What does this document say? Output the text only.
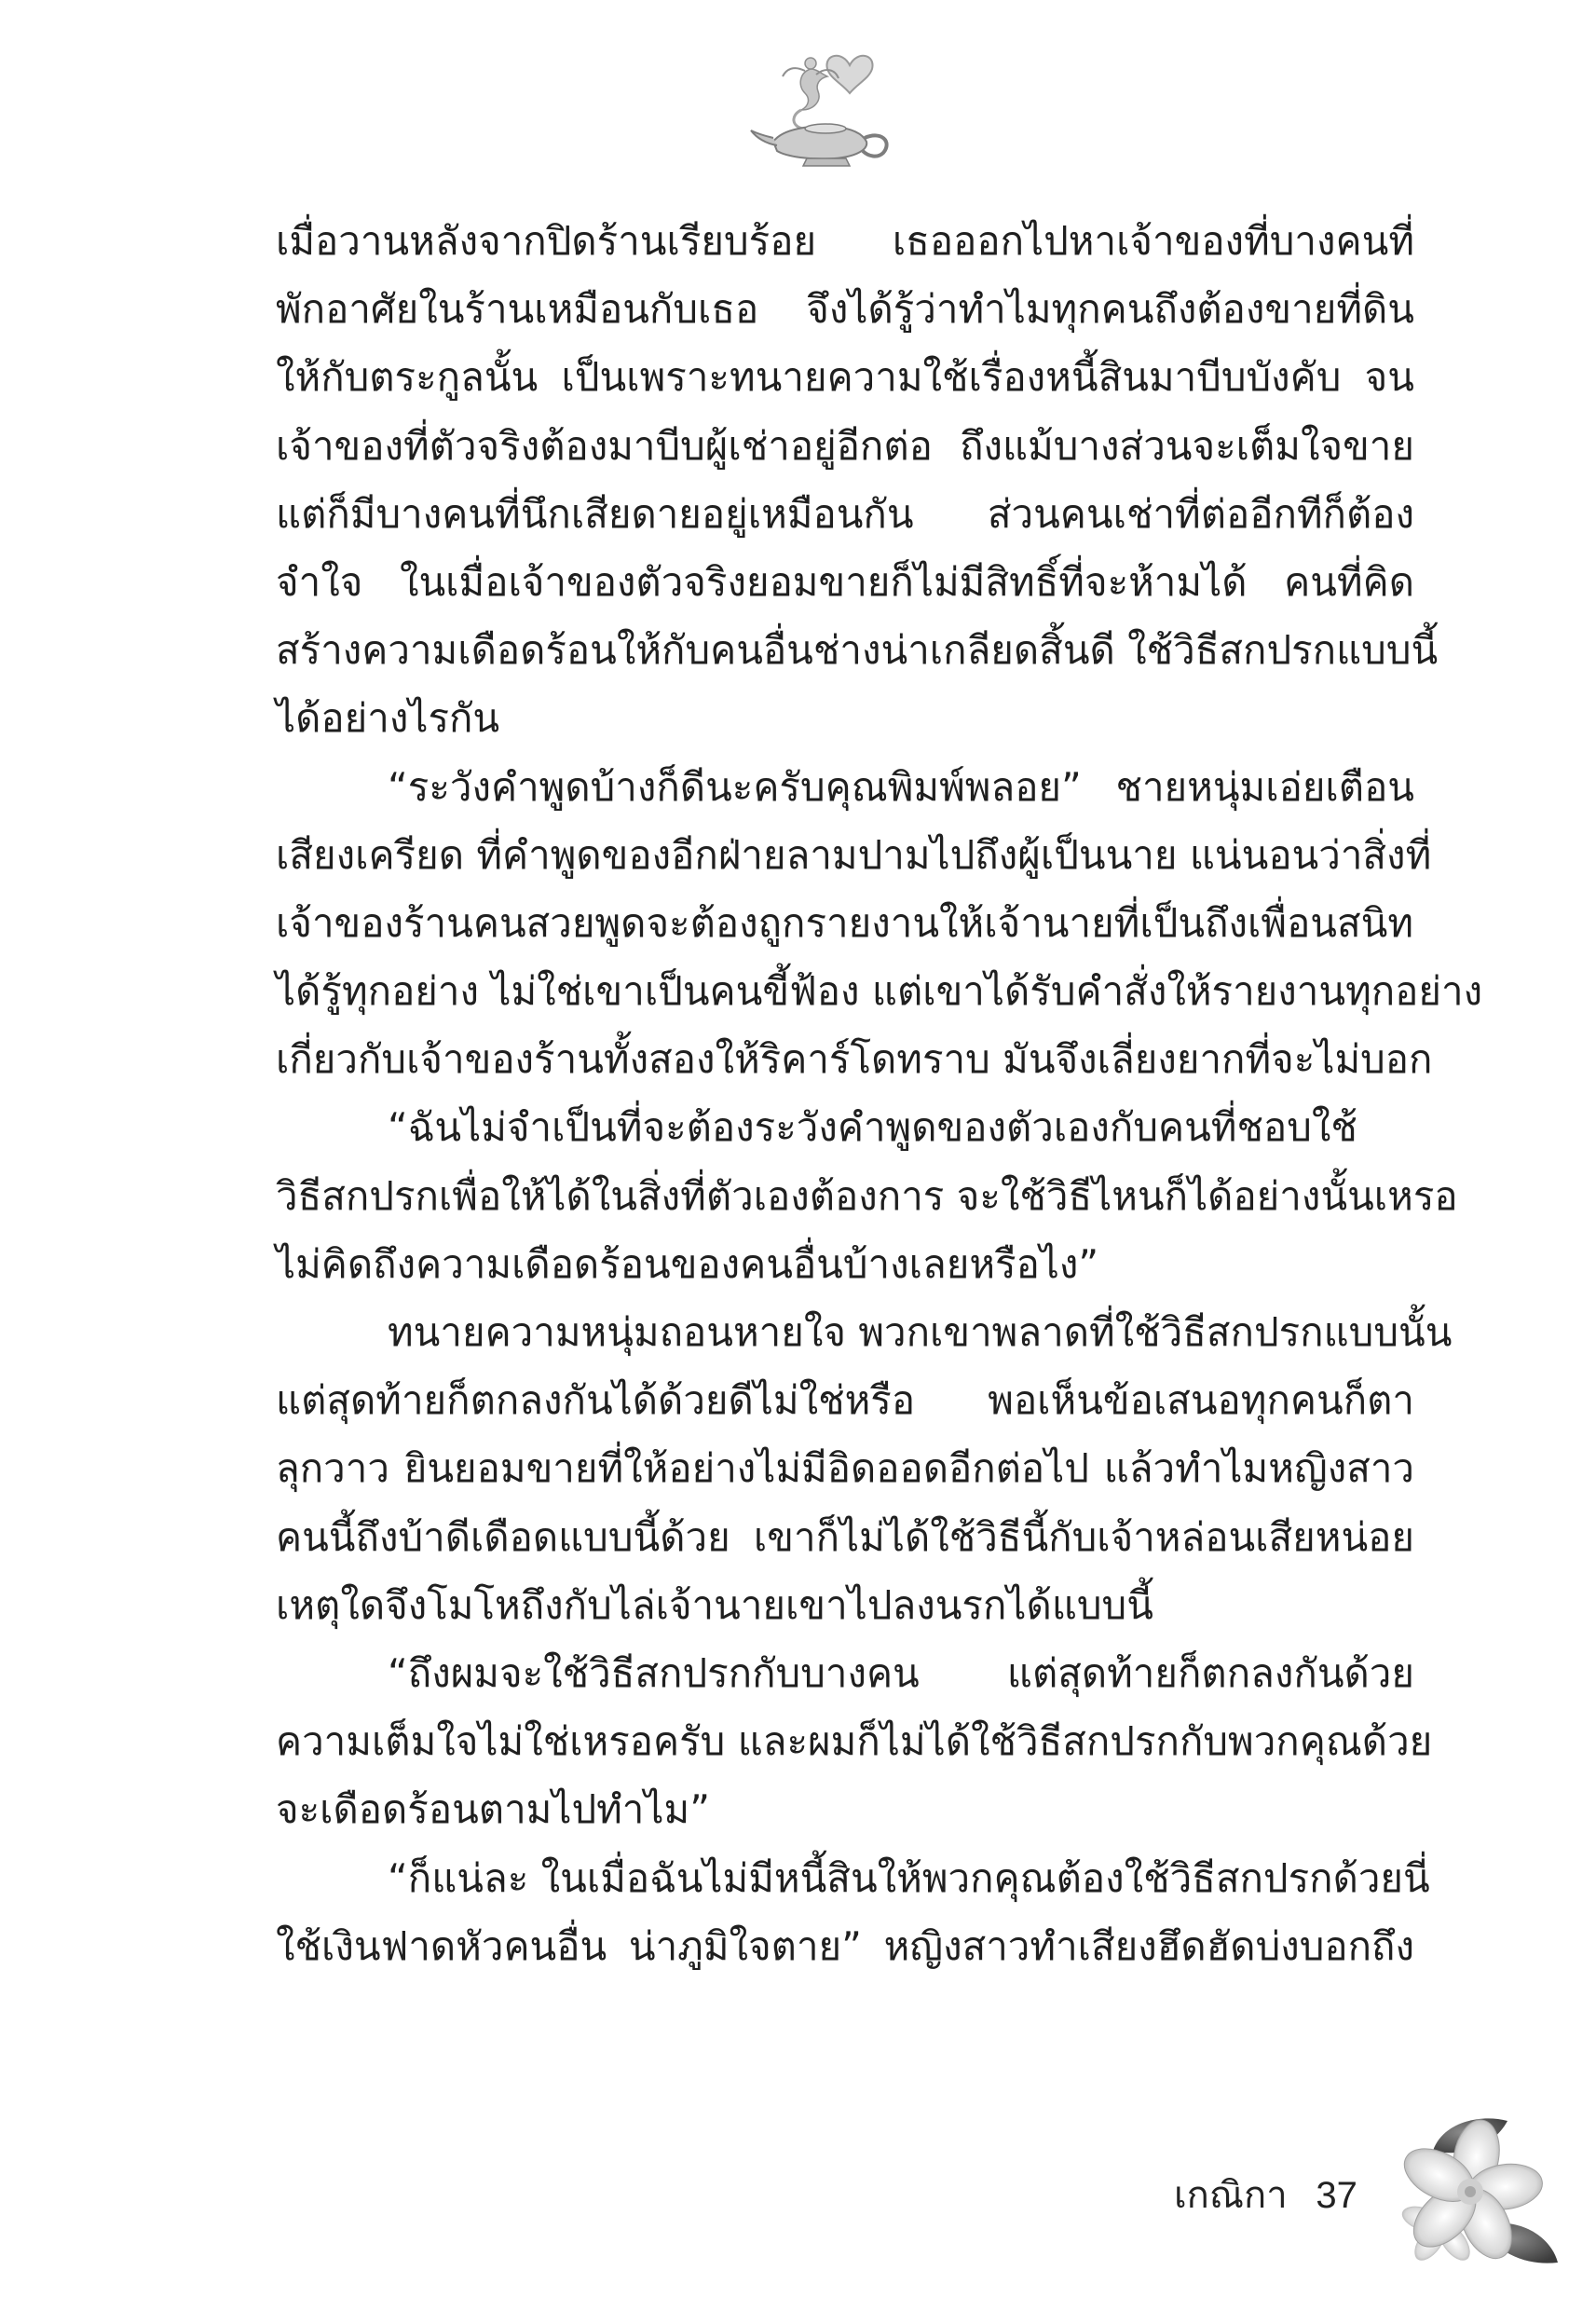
เมื่อวานหลังจากปิดร้านเรียบร้อย เธอออกไปหาเจ้าของที่บางคนที่
พักอาศัยในร้านเหมือนกับเธอ จึงได้รู้ว่าทำไมทุกคนถึงต้องขายที่ดิน
ให้กับตระกูลนั้น เป็นเพราะทนายความใช้เรื่องหนี้สินมาบีบบังคับ จน
เจ้าของที่ตัวจริงต้องมาบีบผู้เช่าอยู่อีกต่อ ถึงแม้บางส่วนจะเต็มใจขาย
แต่ก็มีบางคนที่นึกเสียดายอยู่เหมือนกัน ส่วนคนเช่าที่ต่ออีกทีก็ต้อง
จำใจ ในเมื่อเจ้าของตัวจริงยอมขายก็ไม่มีสิทธิ์ที่จะห้ามได้ คนที่คิด
สร้างความเดือดร้อนให้กับคนอื่นช่างน่าเกลียดสิ้นดี ใช้วิธีสกปรกแบบนี้
ได้อย่างไรกัน
“ระวังคำพูดบ้างก็ดีนะครับคุณพิมพ์พลอย” ชายหนุ่มเอ่ยเตือน
เสียงเครียด ที่คำพูดของอีกฝ่ายลามปามไปถึงผู้เป็นนาย แน่นอนว่าสิ่งที่
เจ้าของร้านคนสวยพูดจะต้องถูกรายงานให้เจ้านายที่เป็นถึงเพื่อนสนิท
ได้รู้ทุกอย่าง ไม่ใช่เขาเป็นคนขี้ฟ้อง แต่เขาได้รับคำสั่งให้รายงานทุกอย่าง
เกี่ยวกับเจ้าของร้านทั้งสองให้ริคาร์โดทราบ มันจึงเลี่ยงยากที่จะไม่บอก
“ฉันไม่จำเป็นที่จะต้องระวังคำพูดของตัวเองกับคนที่ชอบใช้
วิธีสกปรกเพื่อให้ได้ในสิ่งที่ตัวเองต้องการ จะใช้วิธีไหนก็ได้อย่างนั้นเหรอ
ไม่คิดถึงความเดือดร้อนของคนอื่นบ้างเลยหรือไง”
ทนายความหนุ่มถอนหายใจ พวกเขาพลาดที่ใช้วิธีสกปรกแบบนั้น
แต่สุดท้ายก็ตกลงกันได้ด้วยดีไม่ใช่หรือ พอเห็นข้อเสนอทุกคนก็ตา
ลุกวาว ยินยอมขายที่ให้อย่างไม่มีอิดออดอีกต่อไป แล้วทำไมหญิงสาว
คนนี้ถึงบ้าดีเดือดแบบนี้ด้วย เขาก็ไม่ได้ใช้วิธีนี้กับเจ้าหล่อนเสียหน่อย
เหตุใดจึงโมโหถึงกับไล่เจ้านายเขาไปลงนรกได้แบบนี้
“ถึงผมจะใช้วิธีสกปรกกับบางคน แต่สุดท้ายก็ตกลงกันด้วย
ความเต็มใจไม่ใช่เหรอครับ และผมก็ไม่ได้ใช้วิธีสกปรกกับพวกคุณด้วย
จะเดือดร้อนตามไปทำไม”
“ก็แน่ละ ในเมื่อฉันไม่มีหนี้สินให้พวกคุณต้องใช้วิธีสกปรกด้วยนี่
ใช้เงินฟาดหัวคนอื่น น่าภูมิใจตาย” หญิงสาวทำเสียงฮึดฮัดบ่งบอกถึง
เกณิกา 37
